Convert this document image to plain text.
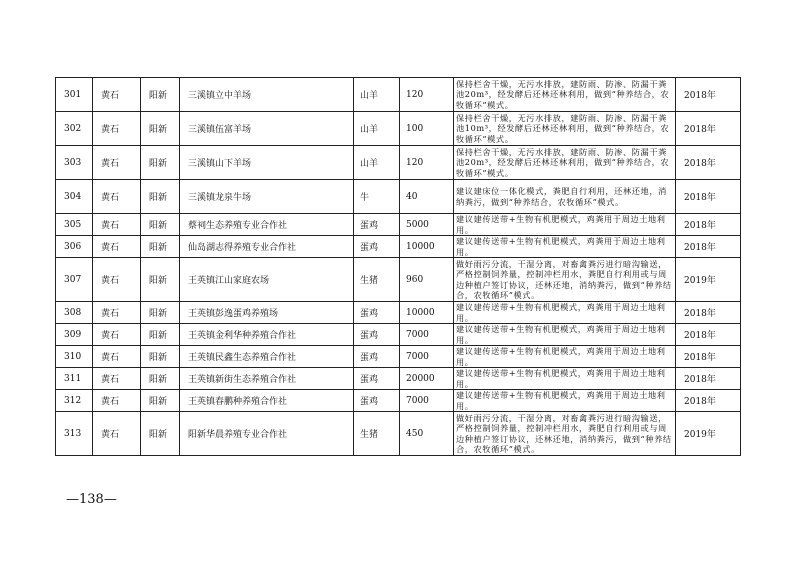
301	黄石	阳新	三溪镇立中羊场	山羊	120	保持栏舍干燥，无污水排放，建防雨、防渗、防漏干粪池20m³，经发酵后还林还林利用，做到“种养结合，农牧循环”模式。	2018年
302	黄石	阳新	三溪镇伍富羊场	山羊	100	保持栏舍干燥，无污水排放，建防雨、防渗、防漏干粪池10m³，经发酵后还林还林利用，做到“种养结合，农牧循环”模式。	2018年
303	黄石	阳新	三溪镇山下羊场	山羊	120	保持栏舍干燥，无污水排放，建防雨、防渗、防漏干粪池20m³，经发酵后还林还林利用，做到“种养结合，农牧循环”模式。	2018年
304	黄石	阳新	三溪镇龙泉牛场	牛	40	建议建床位一体化模式，粪肥自行利用，还林还地，消纳粪污，做到“种养结合，农牧循环”模式。	2018年
305	黄石	阳新	蔡祠生态养殖专业合作社	蛋鸡	5000	建议建传送带+生物有机肥模式，鸡粪用于周边土地利用。	2018年
306	黄石	阳新	仙岛湖志得养殖专业合作社	蛋鸡	10000	建议建传送带+生物有机肥模式，鸡粪用于周边土地利用。	2018年
307	黄石	阳新	王英镇江山家庭农场	生猪	960	做好雨污分流，干湿分离，对畜禽粪污进行暗沟输送，严格控制饲养量，控制冲栏用水，粪肥自行利用或与周边种植户签订协议，还林还地，消纳粪污，做到“种养结合，农牧循环”模式。	2019年
308	黄石	阳新	王英镇彭逸蛋鸡养殖场	蛋鸡	10000	建议建传送带+生物有机肥模式，鸡粪用于周边土地利用。	2018年
309	黄石	阳新	王英镇金利华种养殖合作社	蛋鸡	7000	建议建传送带+生物有机肥模式，鸡粪用于周边土地利用。	2018年
310	黄石	阳新	王英镇民鑫生态养殖合作社	蛋鸡	7000	建议建传送带+生物有机肥模式，鸡粪用于周边土地利用。	2018年
311	黄石	阳新	王英镇新街生态养殖合作社	蛋鸡	20000	建议建传送带+生物有机肥模式，鸡粪用于周边土地利用。	2018年
312	黄石	阳新	王英镇春鹏种养殖合作社	蛋鸡	7000	建议建传送带+生物有机肥模式，鸡粪用于周边土地利用。	2018年
313	黄石	阳新	阳新华晨养殖专业合作社	生猪	450	做好雨污分流，干湿分离，对畜禽粪污进行暗沟输送，严格控制饲养量，控制冲栏用水，粪肥自行利用或与周边种植户签订协议，还林还地，消纳粪污，做到“种养结合，农牧循环”模式。	2019年
—138—
